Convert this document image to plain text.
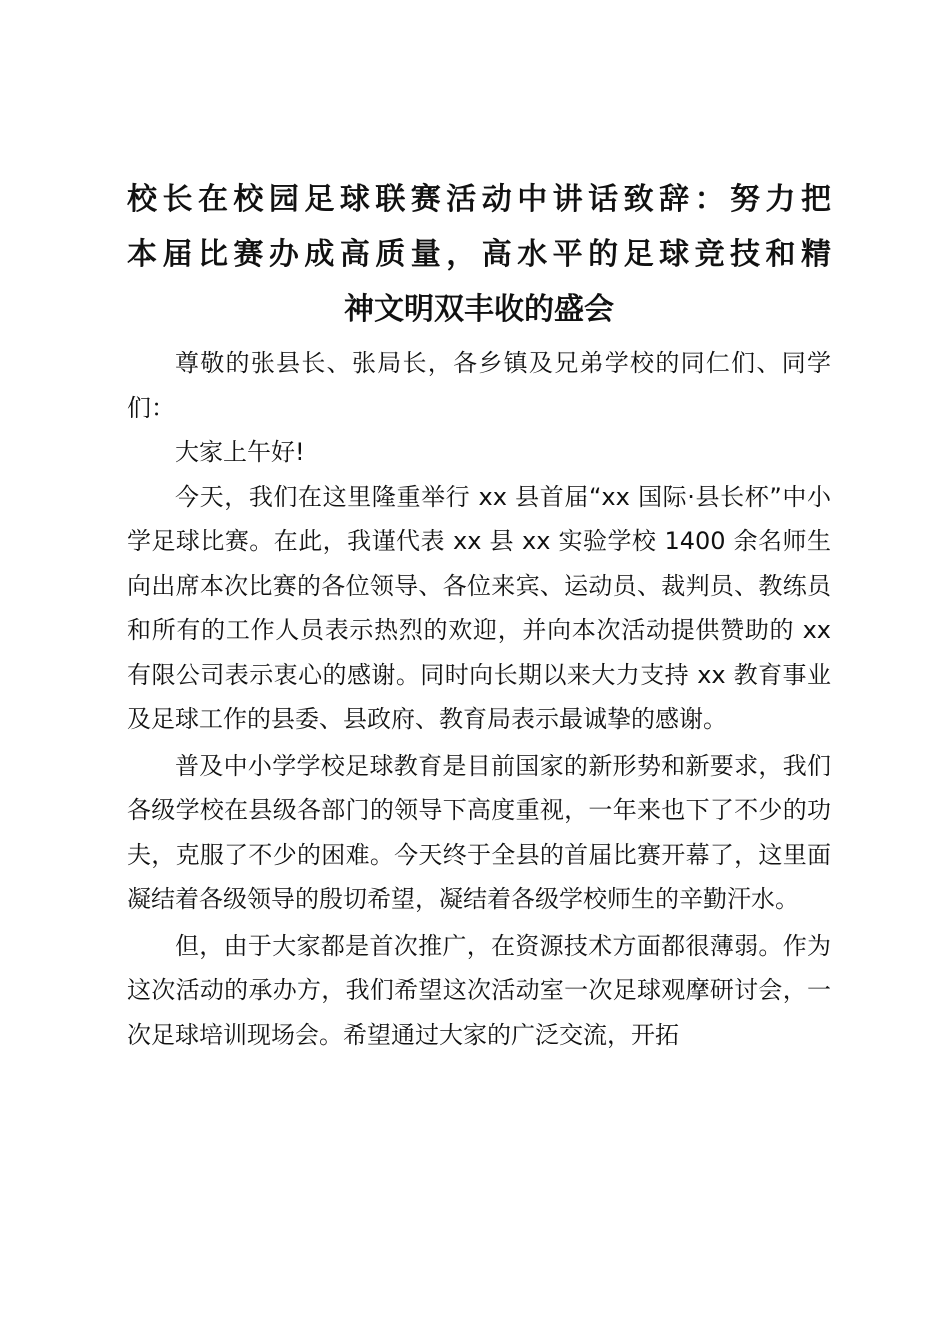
校长在校园足球联赛活动中讲话致辞：努力把
本届比赛办成高质量，高水平的足球竞技和精
神文明双丰收的盛会

尊敬的张县长、张局长，各乡镇及兄弟学校的同仁们、同学们：

大家上午好!

今天，我们在这里隆重举行 xx 县首届“xx 国际·县长杯”中小学足球比赛。在此，我谨代表 xx 县 xx 实验学校 1400 余名师生向出席本次比赛的各位领导、各位来宾、运动员、裁判员、教练员和所有的工作人员表示热烈的欢迎，并向本次活动提供赞助的 xx 有限公司表示衷心的感谢。同时向长期以来大力支持 xx 教育事业及足球工作的县委、县政府、教育局表示最诚挚的感谢。

普及中小学学校足球教育是目前国家的新形势和新要求，我们各级学校在县级各部门的领导下高度重视，一年来也下了不少的功夫，克服了不少的困难。今天终于全县的首届比赛开幕了，这里面凝结着各级领导的殷切希望，凝结着各级学校师生的辛勤汗水。

但，由于大家都是首次推广，在资源技术方面都很薄弱。作为这次活动的承办方，我们希望这次活动室一次足球观摩研讨会，一次足球培训现场会。希望通过大家的广泛交流，开拓
